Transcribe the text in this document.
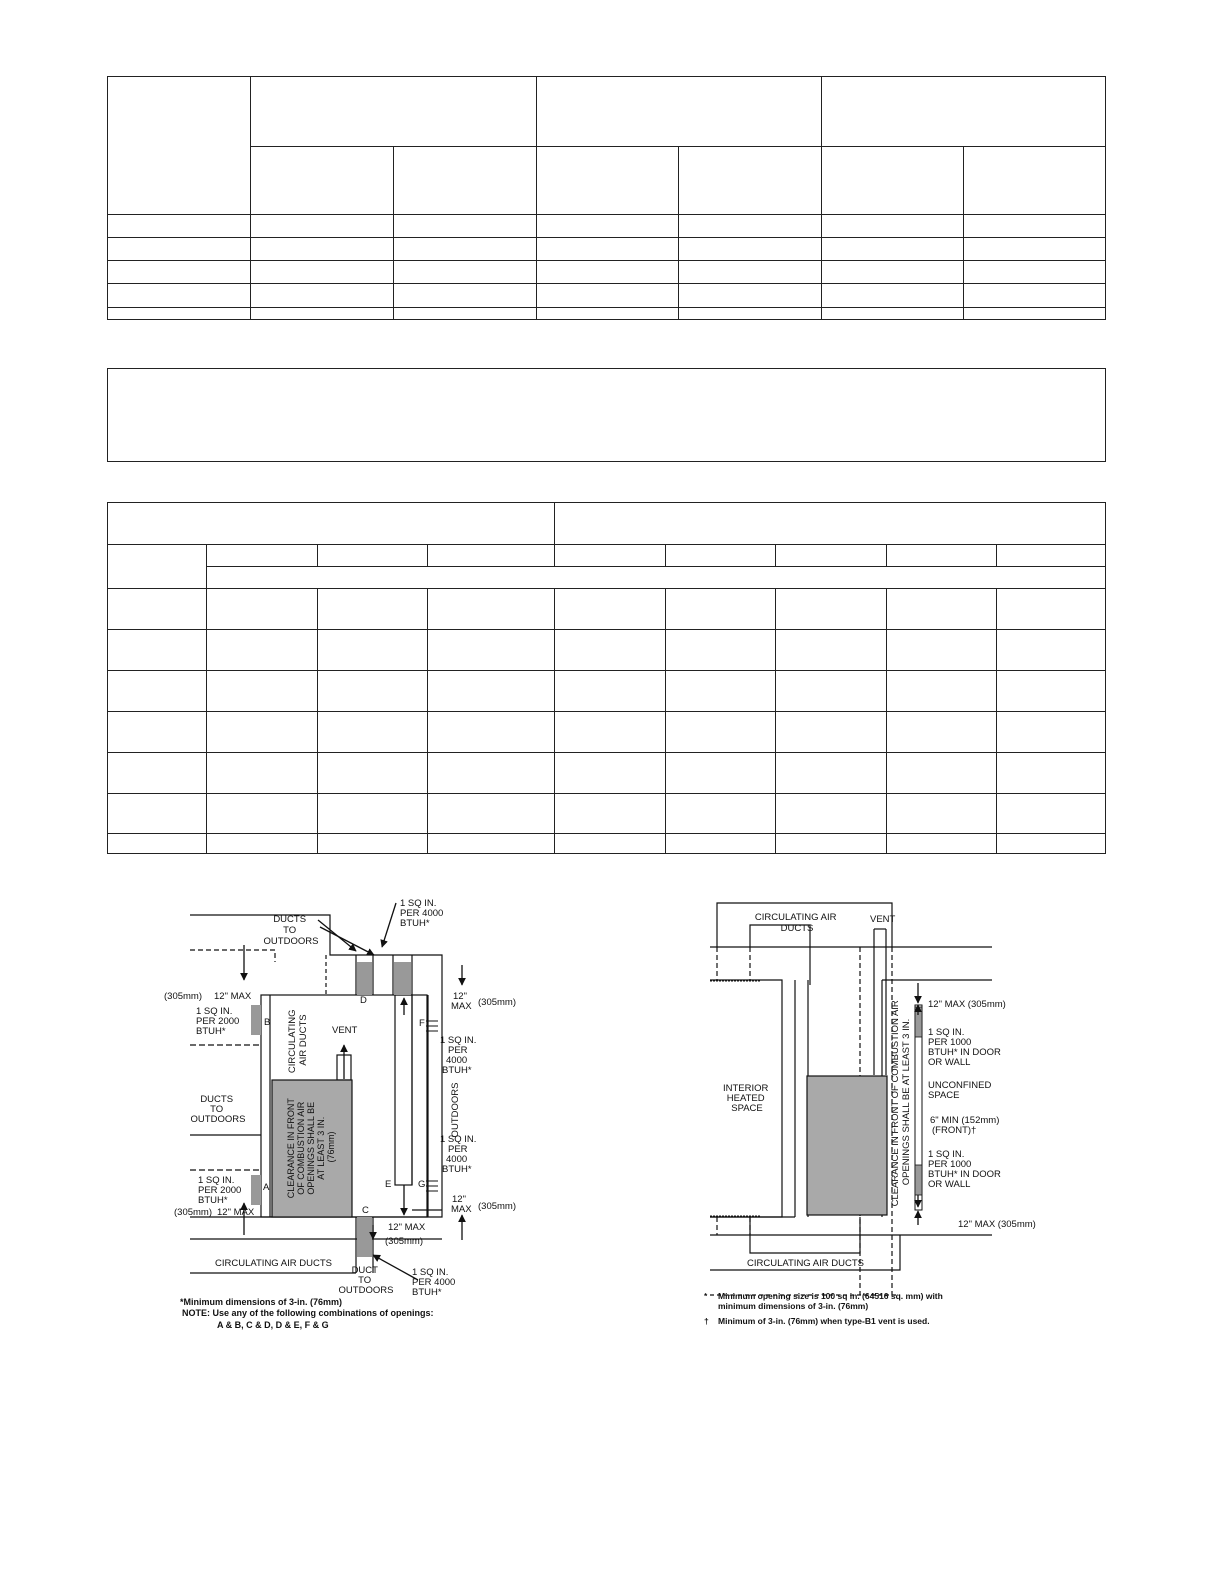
DUCTS TO OUTDOORS
1 SQ IN. PER 4000 BTUH*
(305mm) 12" MAX
1 SQ IN. PER 2000 BTUH*
B
D
CIRCULATING AIR DUCTS VENT
12" MAX (305mm)
F
1 SQ IN. PER 4000 BTUH*
DUCTS TO OUTDOORS	CLEARANCE IN FRONT OF COMBUSTION AIR OPENINGS SHALL BE AT LEAST 3 IN. (76mm)
OUTDOORS
1 SQ IN. PER 4000 BTUH*
1 SQ IN. PER 2000 BTUH*
A	E	G
(305mm) 12" MAX	C
12" MAX (305mm)
12" MAX
(305mm)
CIRCULATING AIR DUCTS
DUCT TO OUTDOORS
1 SQ IN. PER 4000 BTUH*
*Minimum dimensions of 3-in. (76mm)
NOTE: Use any of the following combinations of openings:
A & B, C & D, D & E, F & G
CIRCULATING AIR DUCTS
VENT
12" MAX (305mm)
1 SQ IN. PER 1000 BTUH* IN DOOR OR WALL
UNCONFINED SPACE
6" MIN (152mm) (FRONT)†
1 SQ IN. PER 1000 BTUH* IN DOOR OR WALL
INTERIOR HEATED SPACE	CLEARANCE IN FRONT OF COMBUSTION AIR OPENINGS SHALL BE AT LEAST 3 IN.
12" MAX (305mm)
CIRCULATING AIR DUCTS
* Minimum opening size is 100 sq in. (64516 sq. mm) with minimum dimensions of 3-in. (76mm)
† Minimum of 3-in. (76mm) when type-B1 vent is used.
